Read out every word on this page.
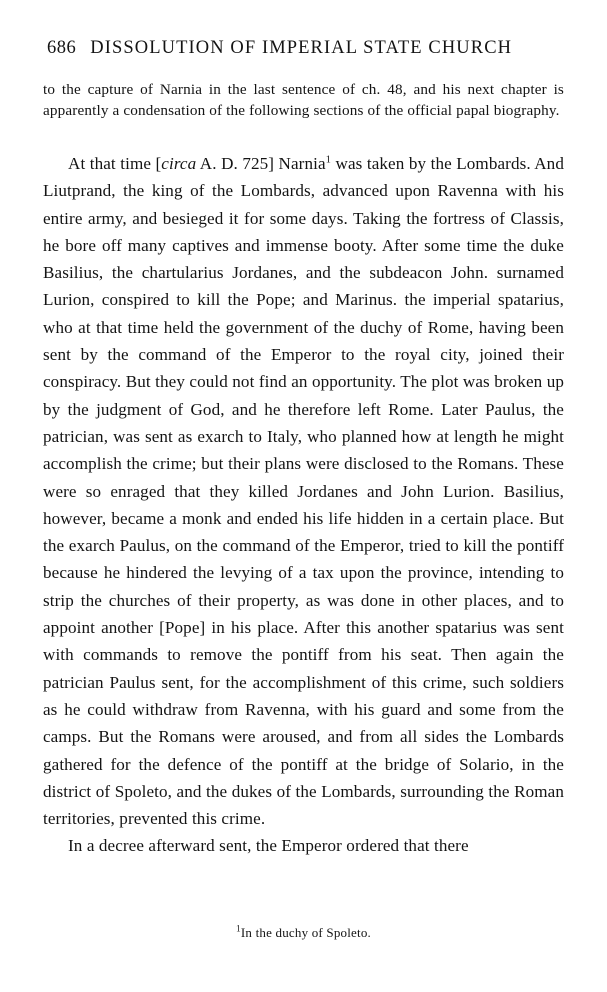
686 DISSOLUTION OF IMPERIAL STATE CHURCH

to the capture of Narnia in the last sentence of ch. 48, and his next chapter is apparently a condensation of the following sections of the official papal biography.

At that time [circa A. D. 725] Narnia$^1$ was taken by the Lombards. And Liutprand, the king of the Lombards, advanced upon Ravenna with his entire army, and besieged it for some days. Taking the fortress of Classis, he bore off many captives and immense booty. After some time the duke Basilius, the chartularius Jordanes, and the subdeacon John. surnamed Lurion, conspired to kill the Pope; and Marinus. the imperial spatarius, who at that time held the government of the duchy of Rome, having been sent by the command of the Emperor to the royal city, joined their conspiracy. But they could not find an opportunity. The plot was broken up by the judgment of God, and he therefore left Rome. Later Paulus, the patrician, was sent as exarch to Italy, who planned how at length he might accomplish the crime; but their plans were disclosed to the Romans. These were so enraged that they killed Jordanes and John Lurion. Basilius, however, became a monk and ended his life hidden in a certain place. But the exarch Paulus, on the command of the Emperor, tried to kill the pontiff because he hindered the levying of a tax upon the province, intending to strip the churches of their property, as was done in other places, and to appoint another [Pope] in his place. After this another spatarius was sent with commands to remove the pontiff from his seat. Then again the patrician Paulus sent, for the accomplishment of this crime, such soldiers as he could withdraw from Ravenna, with his guard and some from the camps. But the Romans were aroused, and from all sides the Lombards gathered for the defence of the pontiff at the bridge of Solario, in the district of Spoleto, and the dukes of the Lombards, surrounding the Roman territories, prevented this crime.

In a decree afterward sent, the Emperor ordered that there

$^1$In the duchy of Spoleto.
